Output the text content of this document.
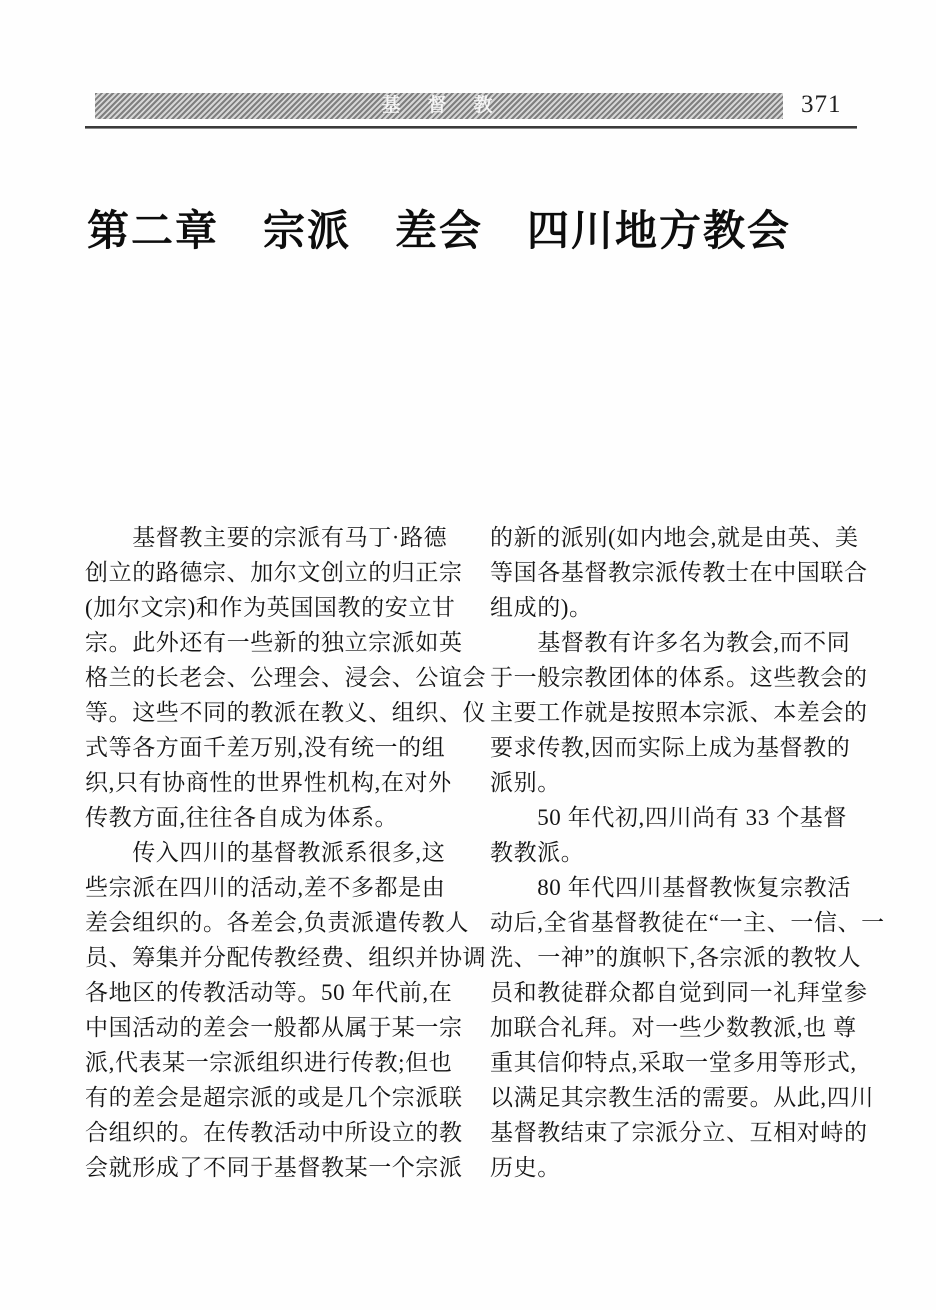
基　督　教	371
第二章　宗派　差会　四川地方教会
　　基督教主要的宗派有马丁·路德
创立的路德宗、加尔文创立的归正宗
(加尔文宗)和作为英国国教的安立甘
宗。此外还有一些新的独立宗派如英
格兰的长老会、公理会、浸会、公谊会
等。这些不同的教派在教义、组织、仪
式等各方面千差万别,没有统一的组
织,只有协商性的世界性机构,在对外
传教方面,往往各自成为体系。
　　传入四川的基督教派系很多,这
些宗派在四川的活动,差不多都是由
差会组织的。各差会,负责派遣传教人
员、筹集并分配传教经费、组织并协调
各地区的传教活动等。50 年代前,在
中国活动的差会一般都从属于某一宗
派,代表某一宗派组织进行传教;但也
有的差会是超宗派的或是几个宗派联
合组织的。在传教活动中所设立的教
会就形成了不同于基督教某一个宗派
的新的派别(如内地会,就是由英、美
等国各基督教宗派传教士在中国联合
组成的)。
　　基督教有许多名为教会,而不同
于一般宗教团体的体系。这些教会的
主要工作就是按照本宗派、本差会的
要求传教,因而实际上成为基督教的
派别。
　　50 年代初,四川尚有 33 个基督
教教派。
　　80 年代四川基督教恢复宗教活
动后,全省基督教徒在“一主、一信、一
洗、一神”的旗帜下,各宗派的教牧人
员和教徒群众都自觉到同一礼拜堂参
加联合礼拜。对一些少数教派,也 尊
重其信仰特点,采取一堂多用等形式,
以满足其宗教生活的需要。从此,四川
基督教结束了宗派分立、互相对峙的
历史。
